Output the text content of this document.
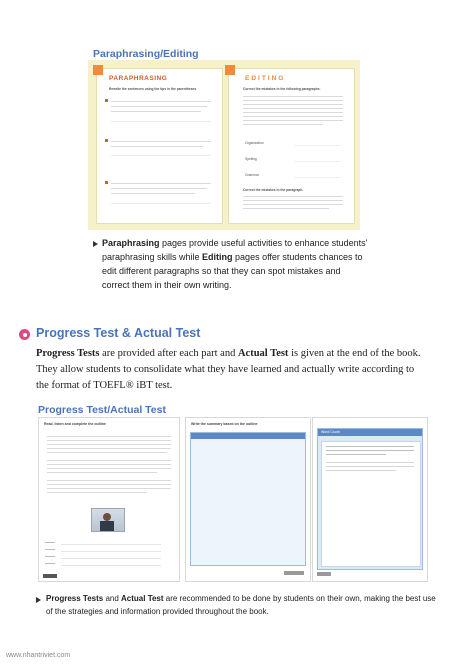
Paraphrasing/Editing
PARAPHRASING
Rewrite the sentences using the tips in the parentheses
EDITING
Correct the mistakes in the following paragraphs.
Organization
Spelling
Grammar
Correct the mistakes in the paragraph.
Paraphrasing pages provide useful activities to enhance students' paraphrasing skills while Editing pages offer students chances to edit different paragraphs so that they can spot mistakes and correct them in their own writing.
Progress Test & Actual Test
Progress Tests are provided after each part and Actual Test is given at the end of the book. They allow students to consolidate what they have learned and actually write according to the format of TOEFL® iBT test.
Progress Test/Actual Test
Read, listen and complete the outline	Write the summary based on the outline
Word Count
Progress Tests and Actual Test are recommended to be done by students on their own, making the best use of the strategies and information provided throughout the book.
www.nhantriviet.com
